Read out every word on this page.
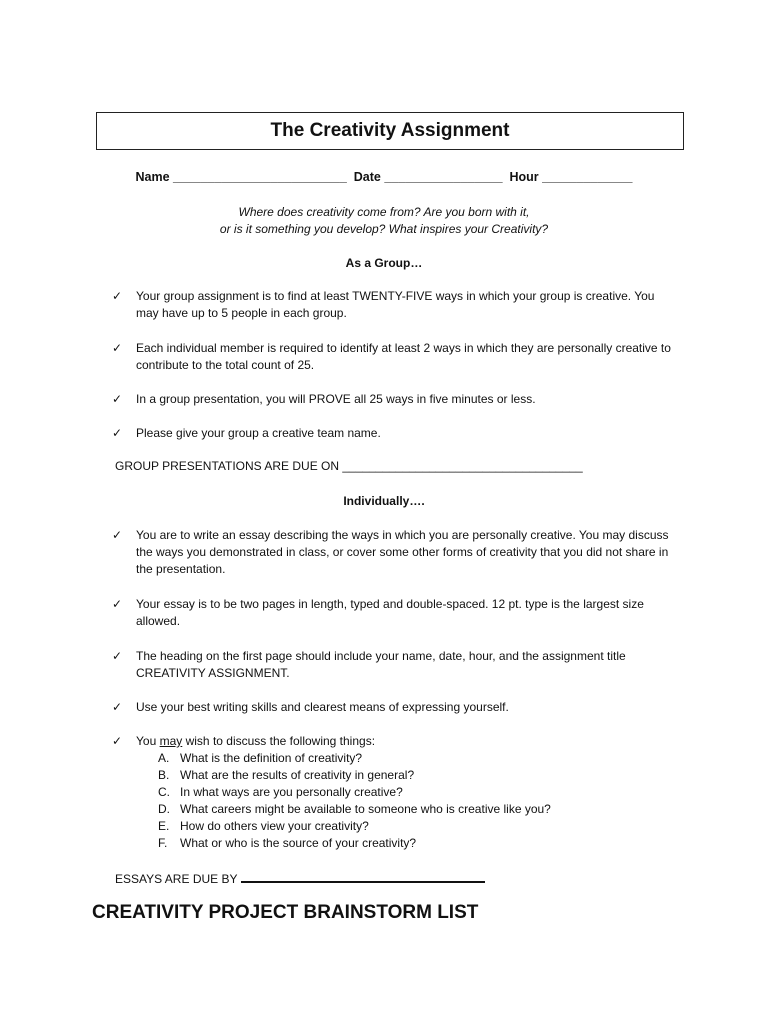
The Creativity Assignment
Name _________________________  Date _________________  Hour _____________
Where does creativity come from? Are you born with it,
or is it something you develop? What inspires your Creativity?
As a Group…
✓	Your group assignment is to find at least TWENTY-FIVE ways in which your group is creative. You may have up to 5 people in each group.
✓	Each individual member is required to identify at least 2 ways in which they are personally creative to contribute to the total count of 25.
✓	In a group presentation, you will PROVE all 25 ways in five minutes or less.
✓	Please give your group a creative team name.
GROUP PRESENTATIONS ARE DUE ON ____________________________________
Individually….
✓	You are to write an essay describing the ways in which you are personally creative. You may discuss the ways you demonstrated in class, or cover some other forms of creativity that you did not share in the presentation.
✓	Your essay is to be two pages in length, typed and double-spaced. 12 pt. type is the largest size allowed.
✓	The heading on the first page should include your name, date, hour, and the assignment title CREATIVITY ASSIGNMENT.
✓	Use your best writing skills and clearest means of expressing yourself.
✓	You may wish to discuss the following things:
A. What is the definition of creativity?
B. What are the results of creativity in general?
C. In what ways are you personally creative?
D. What careers might be available to someone who is creative like you?
E. How do others view your creativity?
F.	What or who is the source of your creativity?
ESSAYS ARE DUE BY
CREATIVITY PROJECT BRAINSTORM LIST
